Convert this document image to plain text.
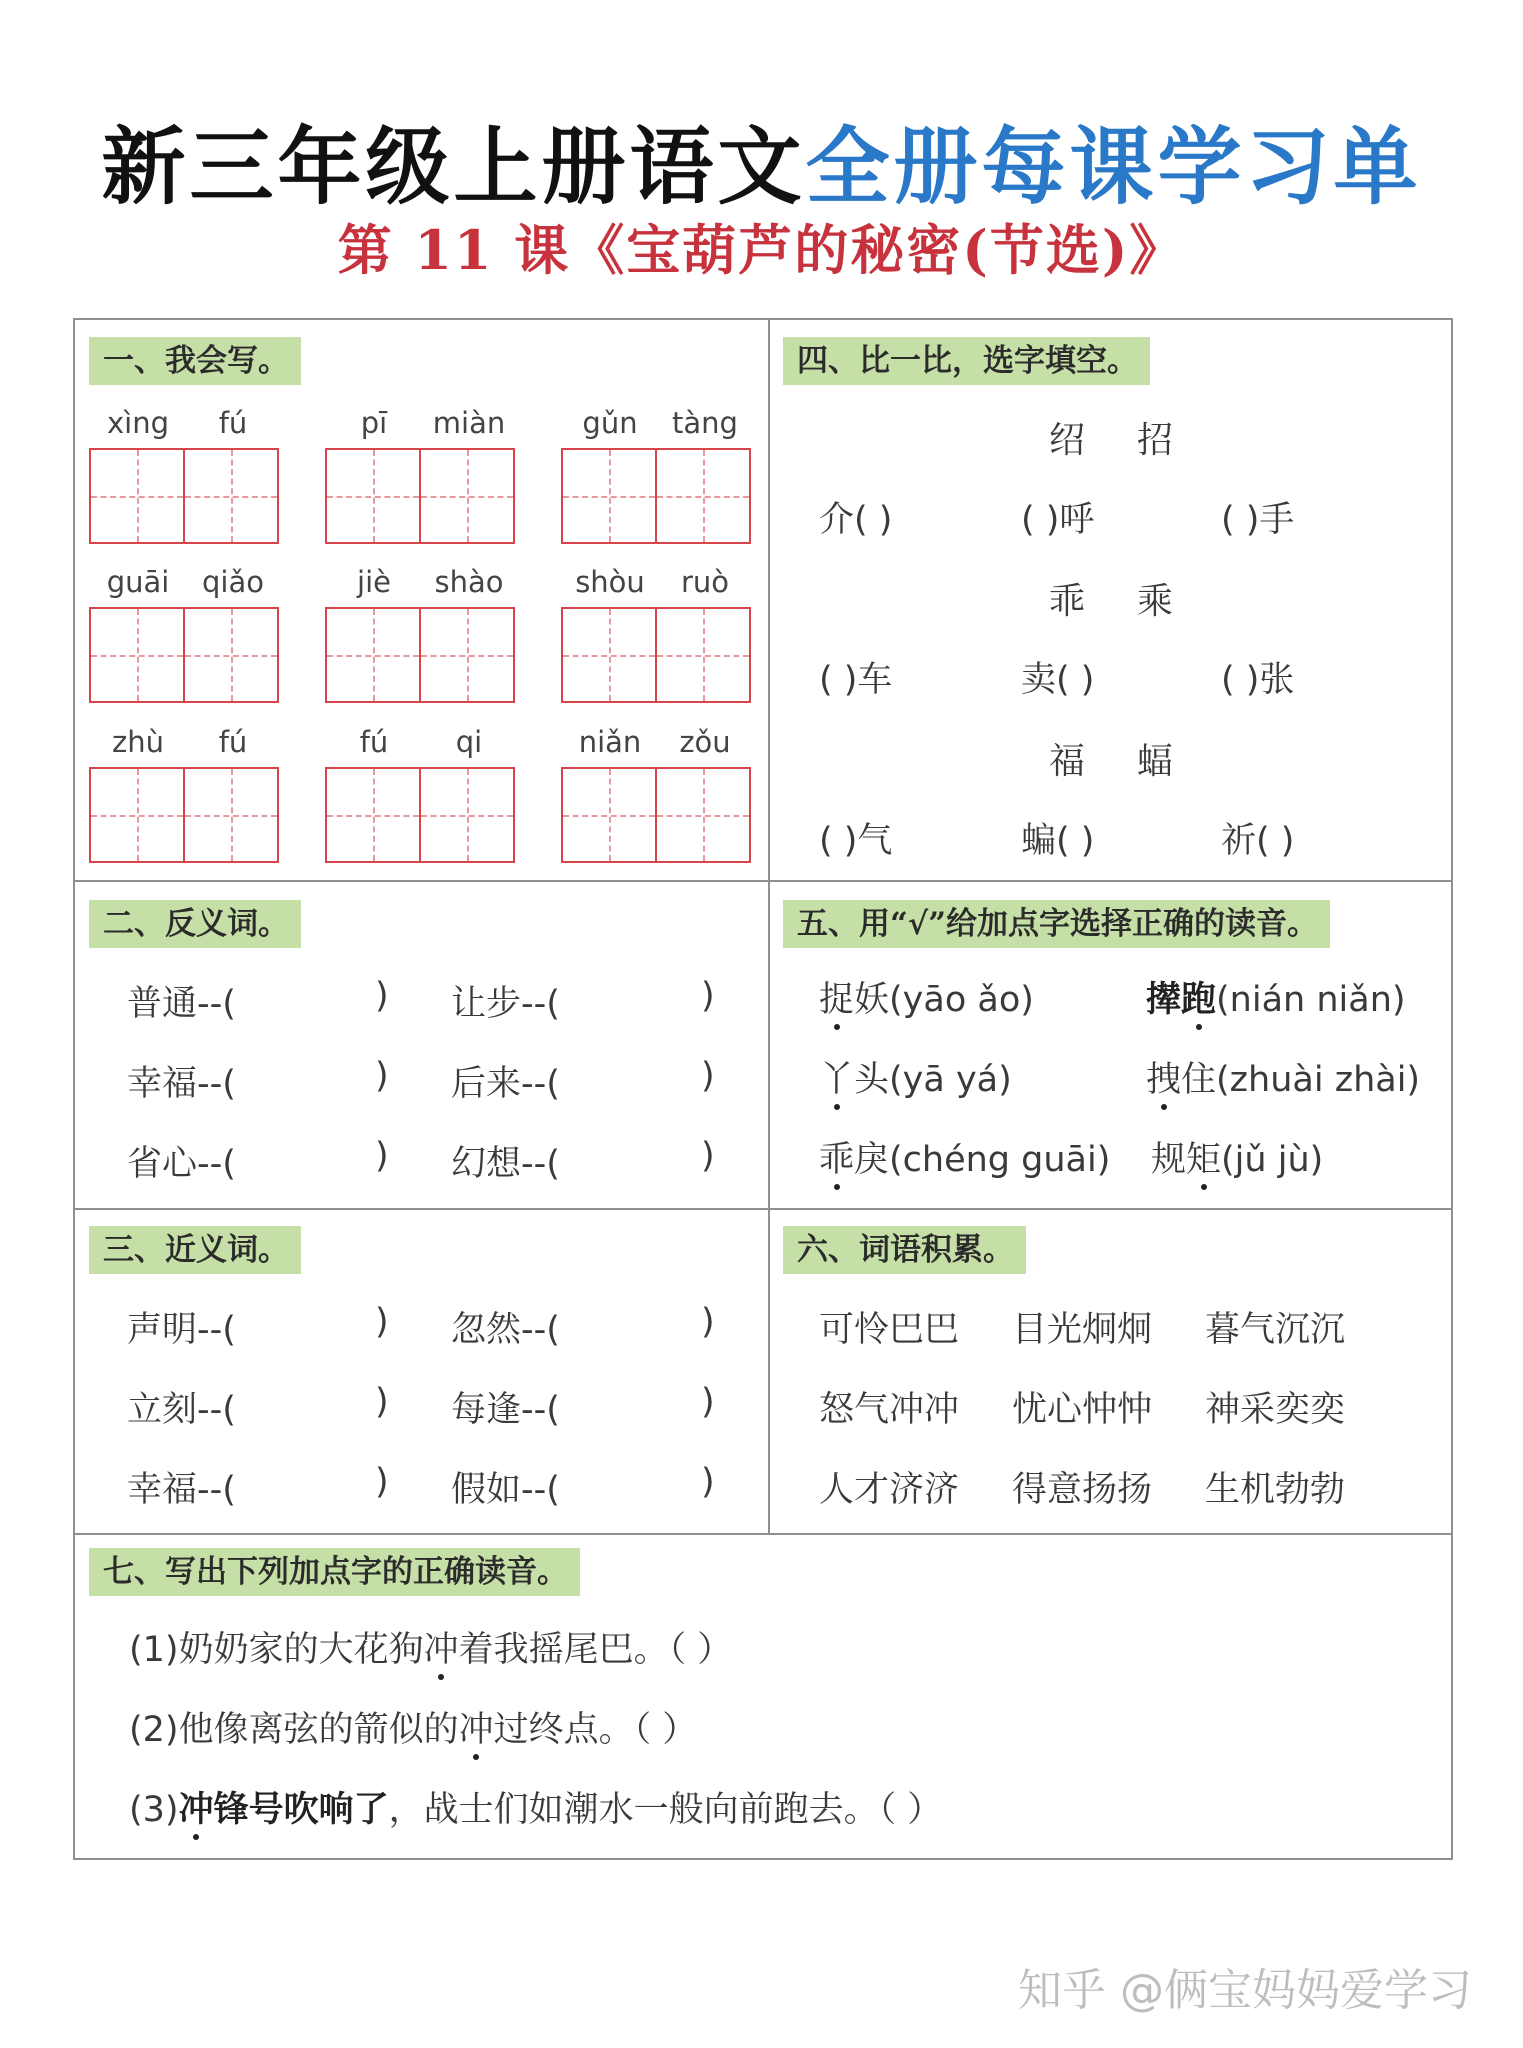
新三年级上册语文全册每课学习单
第 11 课《宝葫芦的秘密(节选)》
一、我会写。
xìng	fú	pī	miàn	gǔn	tàng
guāi	qiǎo	jiè	shào	shòu	ruò
zhù	fú	fú	qi	niǎn	zǒu
四、比一比，选字填空。
绍 招
介( )	( )呼	( )手
乖 乘
( )车	卖( )	( )张
福 蝠
( )气	蝙( )	祈( )
二、反义词。
普通--(	) 让步--(	)
幸福--(	) 后来--(	)
省心--(	) 幻想--(	)
五、用“√”给加点字选择正确的读音。
捉妖(yāo ǎo)	撵跑(nián niǎn)
丫头(yā yá)	拽住(zhuài zhài)
乖戾(chéng guāi) 规矩(jǔ jù)
三、近义词。
声明--(	) 忽然--(	)
立刻--(	) 每逢--(	)
幸福--(	) 假如--(	)
六、词语积累。
可怜巴巴 目光炯炯 暮气沉沉
怒气冲冲 忧心忡忡 神采奕奕
人才济济 得意扬扬 生机勃勃
七、写出下列加点字的正确读音。
(1)奶奶家的大花狗冲着我摇尾巴。（ ）
(2)他像离弦的箭似的冲过终点。（ ）
(3)冲锋号吹响了，战士们如潮水一般向前跑去。（ ）
知乎 @俩宝妈妈爱学习
